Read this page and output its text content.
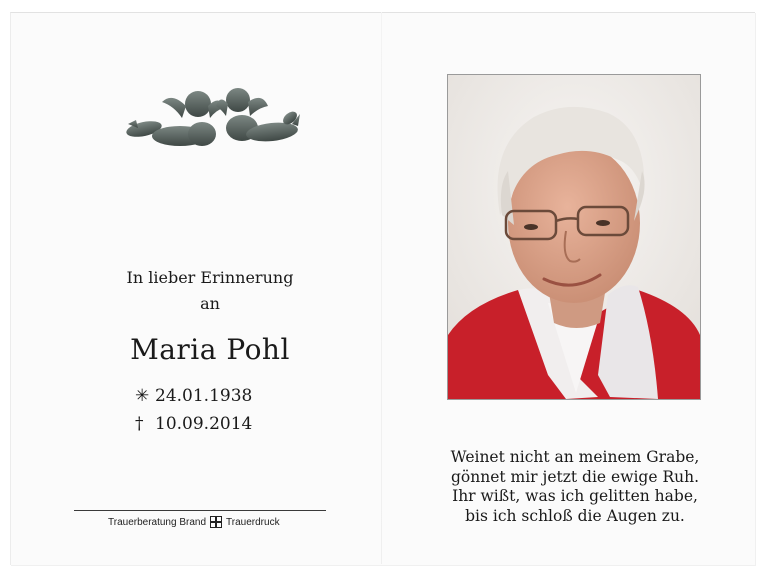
In lieber Erinnerung
an
Maria Pohl
✳ 24.01.1938
† 10.09.2014
Trauerberatung Brand Trauerdruck
Weinet nicht an meinem Grabe,
gönnet mir jetzt die ewige Ruh.
Ihr wißt, was ich gelitten habe,
bis ich schloß die Augen zu.
